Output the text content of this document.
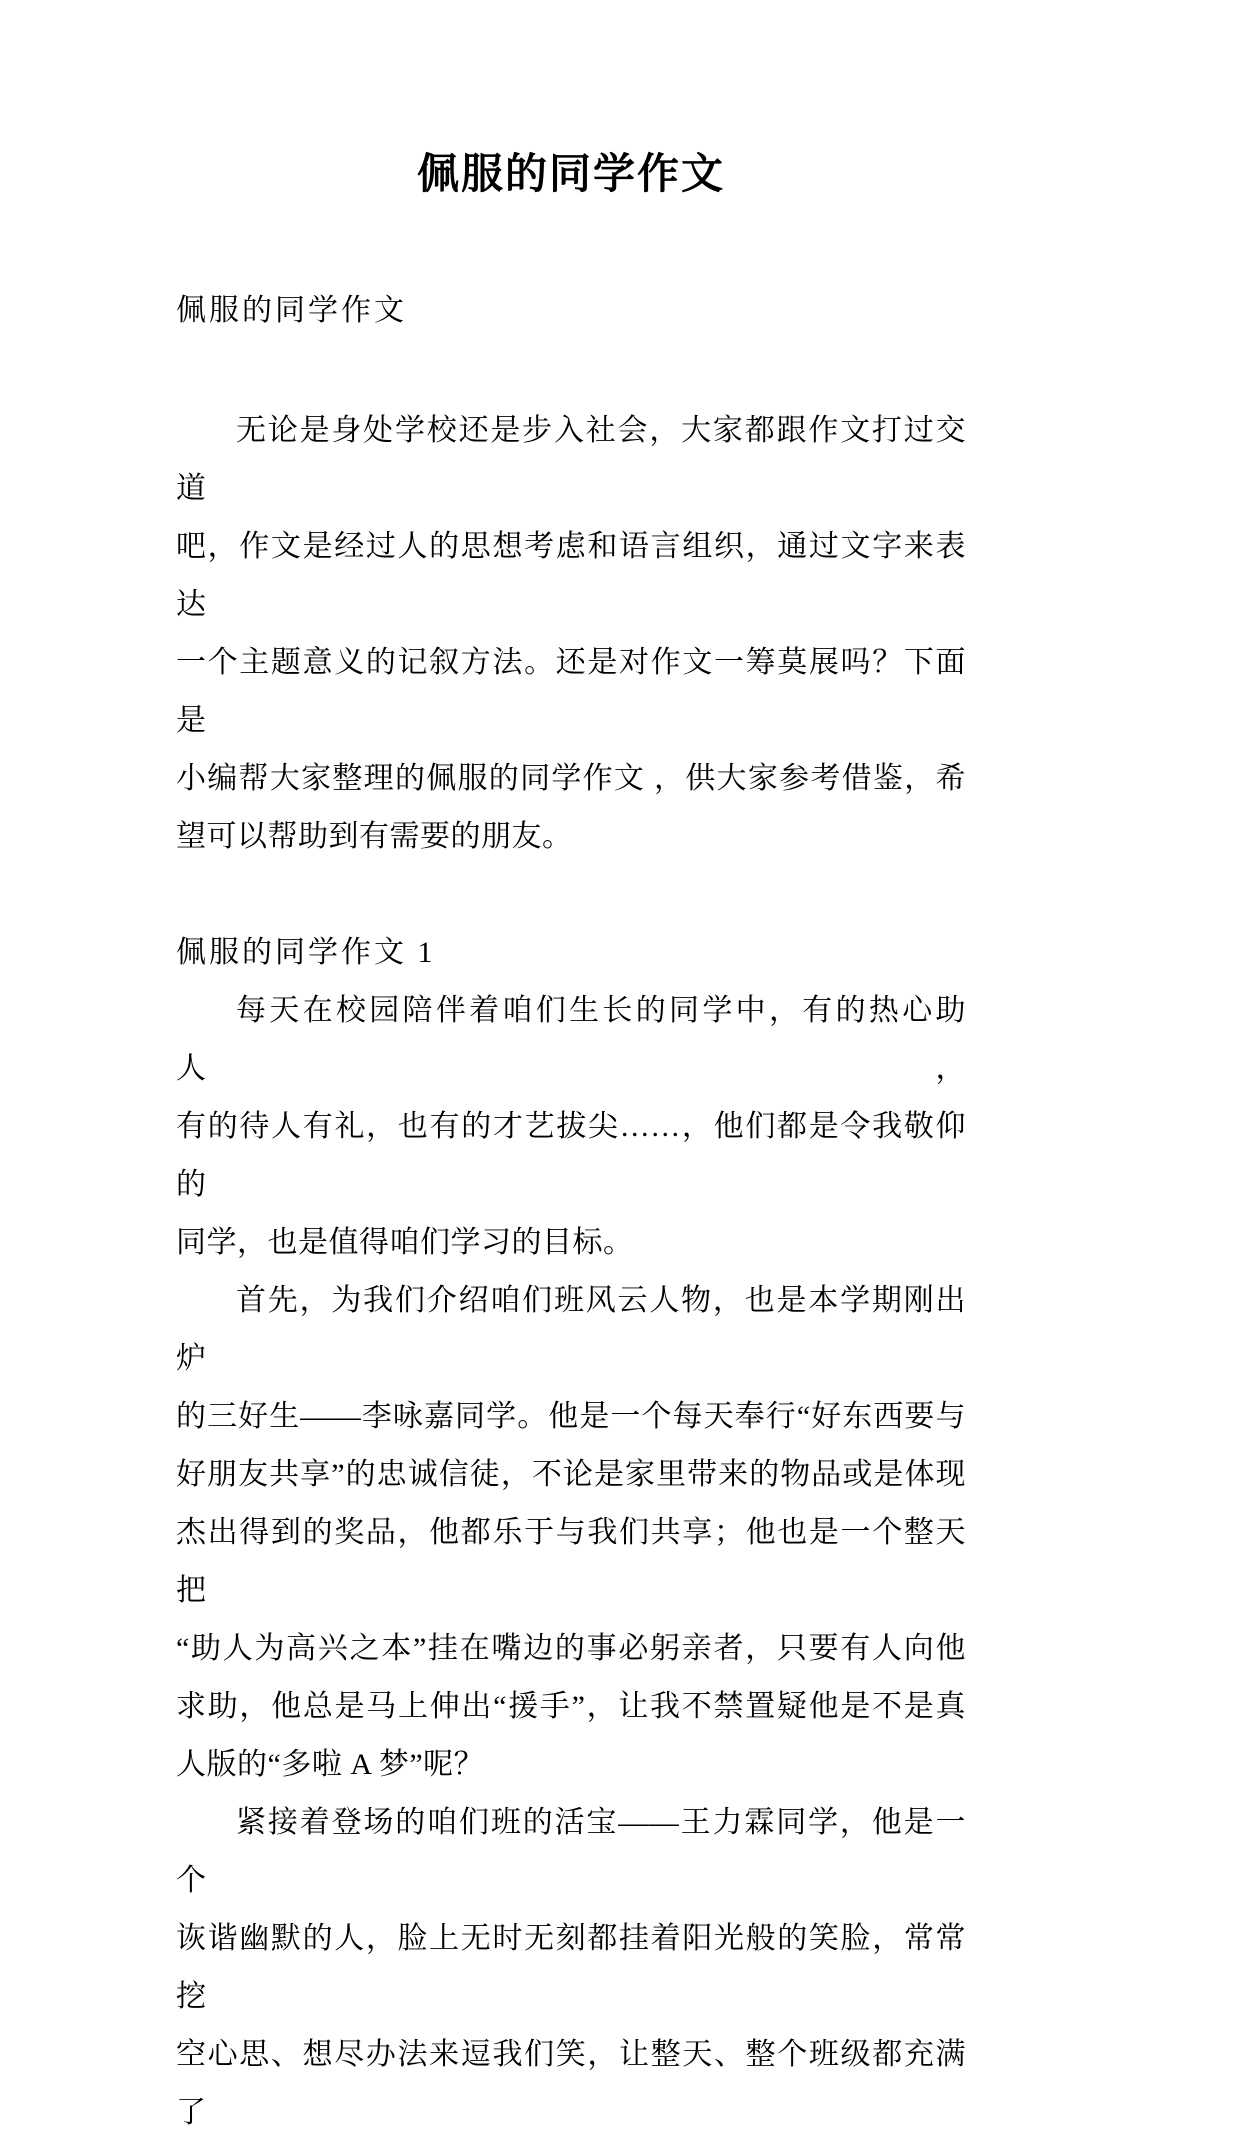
佩服的同学作文
佩服的同学作文
无论是身处学校还是步入社会，大家都跟作文打过交道
吧，作文是经过人的思想考虑和语言组织，通过文字来表达
一个主题意义的记叙方法。还是对作文一筹莫展吗？下面是
小编帮大家整理的佩服的同学作文 ，供大家参考借鉴，希
望可以帮助到有需要的朋友。
佩服的同学作文 1
每天在校园陪伴着咱们生长的同学中，有的热心助人，
有的待人有礼，也有的才艺拔尖……，他们都是令我敬仰的
同学，也是值得咱们学习的目标。
首先，为我们介绍咱们班风云人物，也是本学期刚出炉
的三好生——李咏嘉同学。他是一个每天奉行“好东西要与
好朋友共享”的忠诚信徒，不论是家里带来的物品或是体现
杰出得到的奖品，他都乐于与我们共享；他也是一个整天把
“助人为高兴之本”挂在嘴边的事必躬亲者，只要有人向他
求助，他总是马上伸出“援手”，让我不禁置疑他是不是真
人版的“多啦 A 梦”呢？
紧接着登场的咱们班的活宝——王力霖同学，他是一个
诙谐幽默的人，脸上无时无刻都挂着阳光般的笑脸，常常挖
空心思、想尽办法来逗我们笑，让整天、整个班级都充满了
